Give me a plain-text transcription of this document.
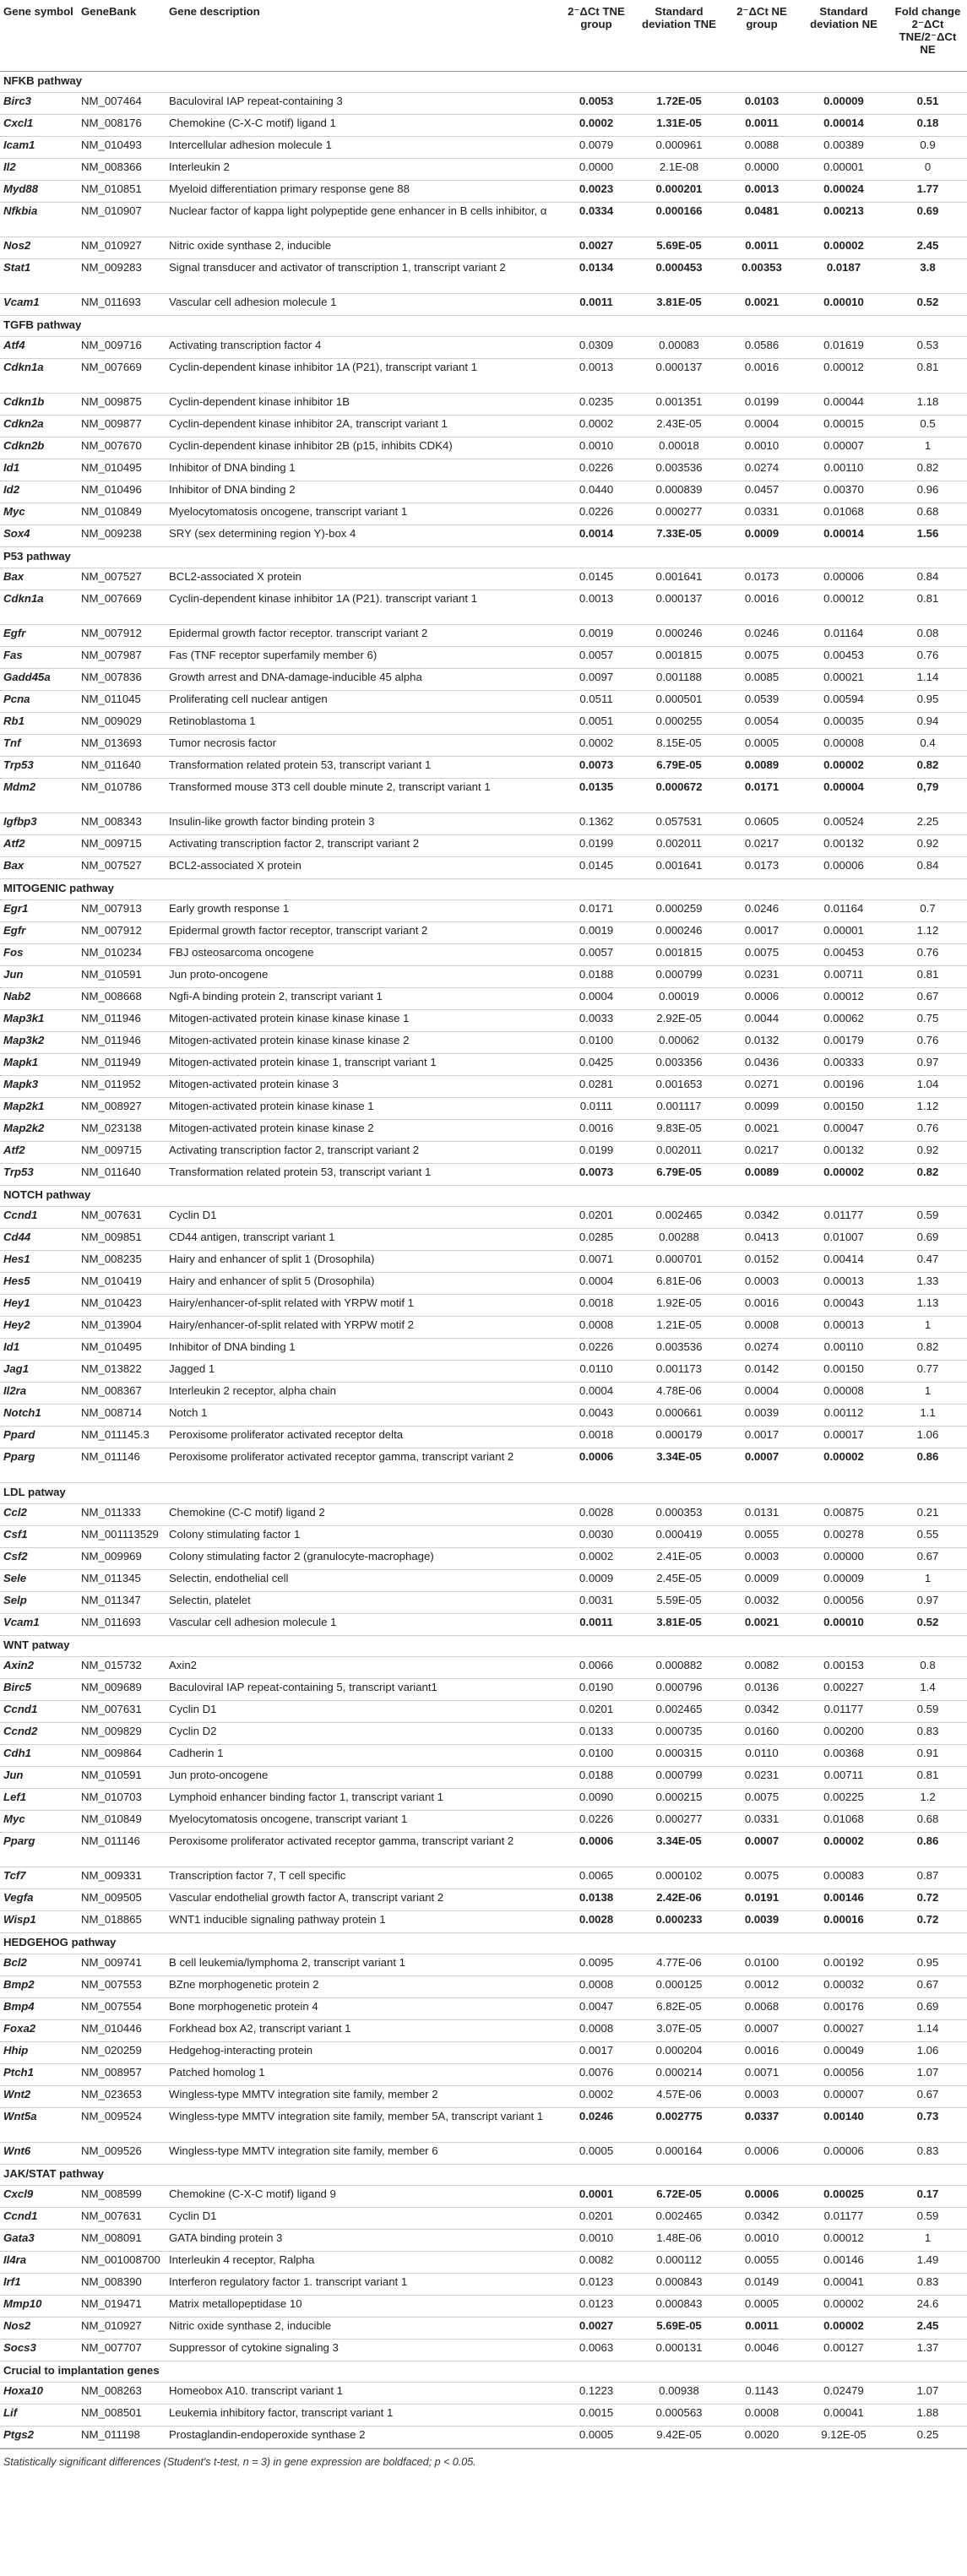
Gene symbol	GeneBank	Gene description	2⁻ΔCt TNE group	Standard deviation TNE	2⁻ΔCt NE group	Standard deviation NE	Fold change 2⁻ΔCt TNE/2⁻ΔCt NE
NFKB pathway							
Birc3	NM_007464	Baculoviral IAP repeat-containing 3	0.0053	1.72E-05	0.0103	0.00009	0.51
Cxcl1	NM_008176	Chemokine (C-X-C motif) ligand 1	0.0002	1.31E-05	0.0011	0.00014	0.18
Icam1	NM_010493	Intercellular adhesion molecule 1	0.0079	0.000961	0.0088	0.00389	0.9
Il2	NM_008366	Interleukin 2	0.0000	2.1E-08	0.0000	0.00001	0
Myd88	NM_010851	Myeloid differentiation primary response gene 88	0.0023	0.000201	0.0013	0.00024	1.77
Nfkbia	NM_010907	Nuclear factor of kappa light polypeptide gene enhancer in B cells inhibitor, α	0.0334	0.000166	0.0481	0.00213	0.69
Nos2	NM_010927	Nitric oxide synthase 2, inducible	0.0027	5.69E-05	0.0011	0.00002	2.45
Stat1	NM_009283	Signal transducer and activator of transcription 1, transcript variant 2	0.0134	0.000453	0.00353	0.0187	3.8
Vcam1	NM_011693	Vascular cell adhesion molecule 1	0.0011	3.81E-05	0.0021	0.00010	0.52
TGFB pathway							
Atf4	NM_009716	Activating transcription factor 4	0.0309	0.00083	0.0586	0.01619	0.53
Cdkn1a	NM_007669	Cyclin-dependent kinase inhibitor 1A (P21), transcript variant 1	0.0013	0.000137	0.0016	0.00012	0.81
Cdkn1b	NM_009875	Cyclin-dependent kinase inhibitor 1B	0.0235	0.001351	0.0199	0.00044	1.18
Cdkn2a	NM_009877	Cyclin-dependent kinase inhibitor 2A, transcript variant 1	0.0002	2.43E-05	0.0004	0.00015	0.5
Cdkn2b	NM_007670	Cyclin-dependent kinase inhibitor 2B (p15, inhibits CDK4)	0.0010	0.00018	0.0010	0.00007	1
Id1	NM_010495	Inhibitor of DNA binding 1	0.0226	0.003536	0.0274	0.00110	0.82
Id2	NM_010496	Inhibitor of DNA binding 2	0.0440	0.000839	0.0457	0.00370	0.96
Myc	NM_010849	Myelocytomatosis oncogene, transcript variant 1	0.0226	0.000277	0.0331	0.01068	0.68
Sox4	NM_009238	SRY (sex determining region Y)-box 4	0.0014	7.33E-05	0.0009	0.00014	1.56
P53 pathway							
Bax	NM_007527	BCL2-associated X protein	0.0145	0.001641	0.0173	0.00006	0.84
Cdkn1a	NM_007669	Cyclin-dependent kinase inhibitor 1A (P21). transcript variant 1	0.0013	0.000137	0.0016	0.00012	0.81
Egfr	NM_007912	Epidermal growth factor receptor. transcript variant 2	0.0019	0.000246	0.0246	0.01164	0.08
Fas	NM_007987	Fas (TNF receptor superfamily member 6)	0.0057	0.001815	0.0075	0.00453	0.76
Gadd45a	NM_007836	Growth arrest and DNA-damage-inducible 45 alpha	0.0097	0.001188	0.0085	0.00021	1.14
Pcna	NM_011045	Proliferating cell nuclear antigen	0.0511	0.000501	0.0539	0.00594	0.95
Rb1	NM_009029	Retinoblastoma 1	0.0051	0.000255	0.0054	0.00035	0.94
Tnf	NM_013693	Tumor necrosis factor	0.0002	8.15E-05	0.0005	0.00008	0.4
Trp53	NM_011640	Transformation related protein 53, transcript variant 1	0.0073	6.79E-05	0.0089	0.00002	0.82
Mdm2	NM_010786	Transformed mouse 3T3 cell double minute 2, transcript variant 1	0.0135	0.000672	0.0171	0.00004	0,79
Igfbp3	NM_008343	Insulin-like growth factor binding protein 3	0.1362	0.057531	0.0605	0.00524	2.25
Atf2	NM_009715	Activating transcription factor 2, transcript variant 2	0.0199	0.002011	0.0217	0.00132	0.92
Bax	NM_007527	BCL2-associated X protein	0.0145	0.001641	0.0173	0.00006	0.84
MITOGENIC pathway							
Egr1	NM_007913	Early growth response 1	0.0171	0.000259	0.0246	0.01164	0.7
Egfr	NM_007912	Epidermal growth factor receptor, transcript variant 2	0.0019	0.000246	0.0017	0.00001	1.12
Fos	NM_010234	FBJ osteosarcoma oncogene	0.0057	0.001815	0.0075	0.00453	0.76
Jun	NM_010591	Jun proto-oncogene	0.0188	0.000799	0.0231	0.00711	0.81
Nab2	NM_008668	Ngfi-A binding protein 2, transcript variant 1	0.0004	0.00019	0.0006	0.00012	0.67
Map3k1	NM_011946	Mitogen-activated protein kinase kinase kinase 1	0.0033	2.92E-05	0.0044	0.00062	0.75
Map3k2	NM_011946	Mitogen-activated protein kinase kinase kinase 2	0.0100	0.00062	0.0132	0.00179	0.76
Mapk1	NM_011949	Mitogen-activated protein kinase 1, transcript variant 1	0.0425	0.003356	0.0436	0.00333	0.97
Mapk3	NM_011952	Mitogen-activated protein kinase 3	0.0281	0.001653	0.0271	0.00196	1.04
Map2k1	NM_008927	Mitogen-activated protein kinase kinase 1	0.0111	0.001117	0.0099	0.00150	1.12
Map2k2	NM_023138	Mitogen-activated protein kinase kinase 2	0.0016	9.83E-05	0.0021	0.00047	0.76
Atf2	NM_009715	Activating transcription factor 2, transcript variant 2	0.0199	0.002011	0.0217	0.00132	0.92
Trp53	NM_011640	Transformation related protein 53, transcript variant 1	0.0073	6.79E-05	0.0089	0.00002	0.82
NOTCH pathway							
Ccnd1	NM_007631	Cyclin D1	0.0201	0.002465	0.0342	0.01177	0.59
Cd44	NM_009851	CD44 antigen, transcript variant 1	0.0285	0.00288	0.0413	0.01007	0.69
Hes1	NM_008235	Hairy and enhancer of split 1 (Drosophila)	0.0071	0.000701	0.0152	0.00414	0.47
Hes5	NM_010419	Hairy and enhancer of split 5 (Drosophila)	0.0004	6.81E-06	0.0003	0.00013	1.33
Hey1	NM_010423	Hairy/enhancer-of-split related with YRPW motif 1	0.0018	1.92E-05	0.0016	0.00043	1.13
Hey2	NM_013904	Hairy/enhancer-of-split related with YRPW motif 2	0.0008	1.21E-05	0.0008	0.00013	1
Id1	NM_010495	Inhibitor of DNA binding 1	0.0226	0.003536	0.0274	0.00110	0.82
Jag1	NM_013822	Jagged 1	0.0110	0.001173	0.0142	0.00150	0.77
Il2ra	NM_008367	Interleukin 2 receptor, alpha chain	0.0004	4.78E-06	0.0004	0.00008	1
Notch1	NM_008714	Notch 1	0.0043	0.000661	0.0039	0.00112	1.1
Ppard	NM_011145.3	Peroxisome proliferator activated receptor delta	0.0018	0.000179	0.0017	0.00017	1.06
Pparg	NM_011146	Peroxisome proliferator activated receptor gamma, transcript variant 2	0.0006	3.34E-05	0.0007	0.00002	0.86
LDL patway							
Ccl2	NM_011333	Chemokine (C-C motif) ligand 2	0.0028	0.000353	0.0131	0.00875	0.21
Csf1	NM_001113529	Colony stimulating factor 1	0.0030	0.000419	0.0055	0.00278	0.55
Csf2	NM_009969	Colony stimulating factor 2 (granulocyte-macrophage)	0.0002	2.41E-05	0.0003	0.00000	0.67
Sele	NM_011345	Selectin, endothelial cell	0.0009	2.45E-05	0.0009	0.00009	1
Selp	NM_011347	Selectin, platelet	0.0031	5.59E-05	0.0032	0.00056	0.97
Vcam1	NM_011693	Vascular cell adhesion molecule 1	0.0011	3.81E-05	0.0021	0.00010	0.52
WNT patway							
Axin2	NM_015732	Axin2	0.0066	0.000882	0.0082	0.00153	0.8
Birc5	NM_009689	Baculoviral IAP repeat-containing 5, transcript variant1	0.0190	0.000796	0.0136	0.00227	1.4
Ccnd1	NM_007631	Cyclin D1	0.0201	0.002465	0.0342	0.01177	0.59
Ccnd2	NM_009829	Cyclin D2	0.0133	0.000735	0.0160	0.00200	0.83
Cdh1	NM_009864	Cadherin 1	0.0100	0.000315	0.0110	0.00368	0.91
Jun	NM_010591	Jun proto-oncogene	0.0188	0.000799	0.0231	0.00711	0.81
Lef1	NM_010703	Lymphoid enhancer binding factor 1, transcript variant 1	0.0090	0.000215	0.0075	0.00225	1.2
Myc	NM_010849	Myelocytomatosis oncogene, transcript variant 1	0.0226	0.000277	0.0331	0.01068	0.68
Pparg	NM_011146	Peroxisome proliferator activated receptor gamma, transcript variant 2	0.0006	3.34E-05	0.0007	0.00002	0.86
Tcf7	NM_009331	Transcription factor 7, T cell specific	0.0065	0.000102	0.0075	0.00083	0.87
Vegfa	NM_009505	Vascular endothelial growth factor A, transcript variant 2	0.0138	2.42E-06	0.0191	0.00146	0.72
Wisp1	NM_018865	WNT1 inducible signaling pathway protein 1	0.0028	0.000233	0.0039	0.00016	0.72
HEDGEHOG pathway							
Bcl2	NM_009741	B cell leukemia/lymphoma 2, transcript variant 1	0.0095	4.77E-06	0.0100	0.00192	0.95
Bmp2	NM_007553	BZne morphogenetic protein 2	0.0008	0.000125	0.0012	0.00032	0.67
Bmp4	NM_007554	Bone morphogenetic protein 4	0.0047	6.82E-05	0.0068	0.00176	0.69
Foxa2	NM_010446	Forkhead box A2, transcript variant 1	0.0008	3.07E-05	0.0007	0.00027	1.14
Hhip	NM_020259	Hedgehog-interacting protein	0.0017	0.000204	0.0016	0.00049	1.06
Ptch1	NM_008957	Patched homolog 1	0.0076	0.000214	0.0071	0.00056	1.07
Wnt2	NM_023653	Wingless-type MMTV integration site family, member 2	0.0002	4.57E-06	0.0003	0.00007	0.67
Wnt5a	NM_009524	Wingless-type MMTV integration site family, member 5A, transcript variant 1	0.0246	0.002775	0.0337	0.00140	0.73
Wnt6	NM_009526	Wingless-type MMTV integration site family, member 6	0.0005	0.000164	0.0006	0.00006	0.83
JAK/STAT pathway							
Cxcl9	NM_008599	Chemokine (C-X-C motif) ligand 9	0.0001	6.72E-05	0.0006	0.00025	0.17
Ccnd1	NM_007631	Cyclin D1	0.0201	0.002465	0.0342	0.01177	0.59
Gata3	NM_008091	GATA binding protein 3	0.0010	1.48E-06	0.0010	0.00012	1
Il4ra	NM_001008700	Interleukin 4 receptor, Ralpha	0.0082	0.000112	0.0055	0.00146	1.49
Irf1	NM_008390	Interferon regulatory factor 1. transcript variant 1	0.0123	0.000843	0.0149	0.00041	0.83
Mmp10	NM_019471	Matrix metallopeptidase 10	0.0123	0.000843	0.0005	0.00002	24.6
Nos2	NM_010927	Nitric oxide synthase 2, inducible	0.0027	5.69E-05	0.0011	0.00002	2.45
Socs3	NM_007707	Suppressor of cytokine signaling 3	0.0063	0.000131	0.0046	0.00127	1.37
Crucial to implantation genes							
Hoxa10	NM_008263	Homeobox A10. transcript variant 1	0.1223	0.00938	0.1143	0.02479	1.07
Lif	NM_008501	Leukemia inhibitory factor, transcript variant 1	0.0015	0.000563	0.0008	0.00041	1.88
Ptgs2	NM_011198	Prostaglandin-endoperoxide synthase 2	0.0005	9.42E-05	0.0020	9.12E-05	0.25
Statistically significant differences (Student's t-test, n = 3) in gene expression are boldfaced; p < 0.05.
